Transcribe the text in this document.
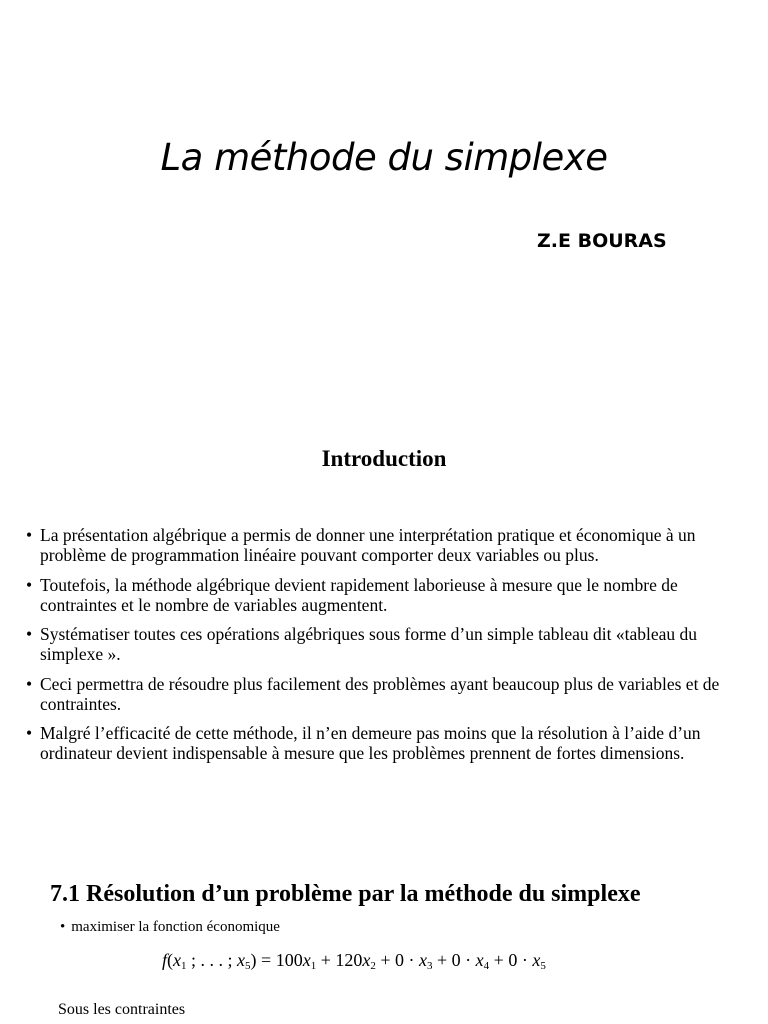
La méthode du simplexe
Z.E BOURAS
Introduction
• La présentation algébrique a permis de donner une interprétation pratique et économique à un problème de programmation linéaire pouvant comporter deux variables ou plus.
• Toutefois, la méthode algébrique devient rapidement laborieuse à mesure que le nombre de contraintes et le nombre de variables augmentent.
• Systématiser toutes ces opérations algébriques sous forme d’un simple tableau dit «tableau du simplexe ».
• Ceci permettra de résoudre plus facilement des problèmes ayant beaucoup plus de variables et de contraintes.
• Malgré l’efficacité de cette méthode, il n’en demeure pas moins que la résolution à l’aide d’un ordinateur devient indispensable à mesure que les problèmes prennent de fortes dimensions.
7.1 Résolution d’un problème par la méthode du simplexe
• maximiser la fonction économique
$f(x_1$ ; . . . ; $x_5) = 100x_1 + 120x_2 + 0 \cdot x_3 + 0 \cdot x_4 + 0 \cdot x_5$
Sous les contraintes
